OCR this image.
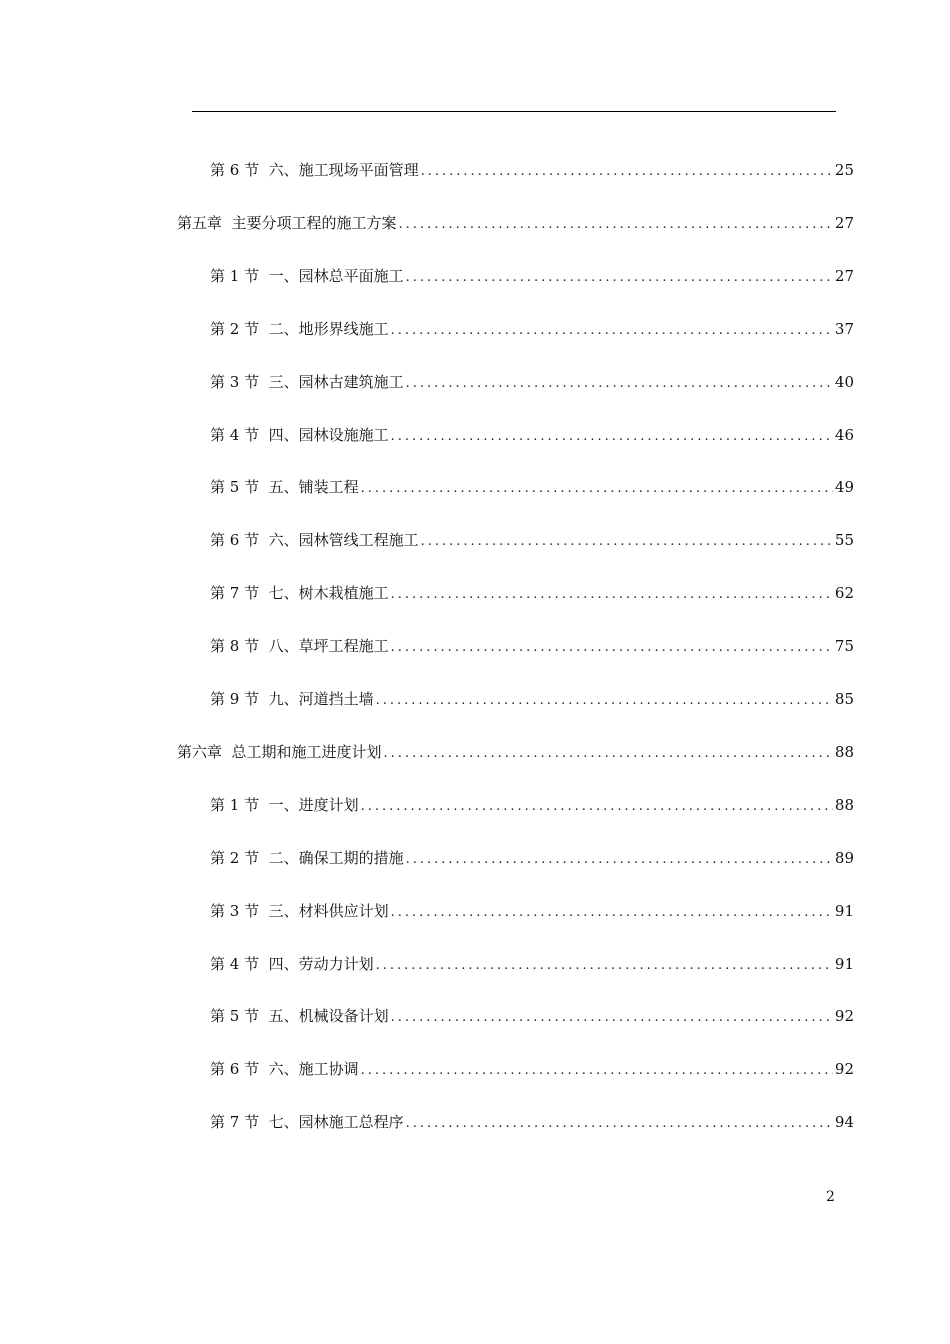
第 6 节  六、施工现场平面管理 .....	25
第五章  主要分项工程的施工方案 .....	27
第 1 节  一、园林总平面施工 .....	27
第 2 节  二、地形界线施工 .....	37
第 3 节  三、园林古建筑施工 .....	40
第 4 节  四、园林设施施工 .....	46
第 5 节  五、铺装工程 .....	49
第 6 节  六、园林管线工程施工 .....	55
第 7 节  七、树木栽植施工 .....	62
第 8 节  八、草坪工程施工 .....	75
第 9 节  九、河道挡土墙 .....	85
第六章  总工期和施工进度计划 .....	88
第 1 节  一、进度计划 .....	88
第 2 节  二、确保工期的措施 .....	89
第 3 节  三、材料供应计划 .....	91
第 4 节  四、劳动力计划 .....	91
第 5 节  五、机械设备计划 .....	92
第 6 节  六、施工协调 .....	92
第 7 节  七、园林施工总程序 .....	94
2
